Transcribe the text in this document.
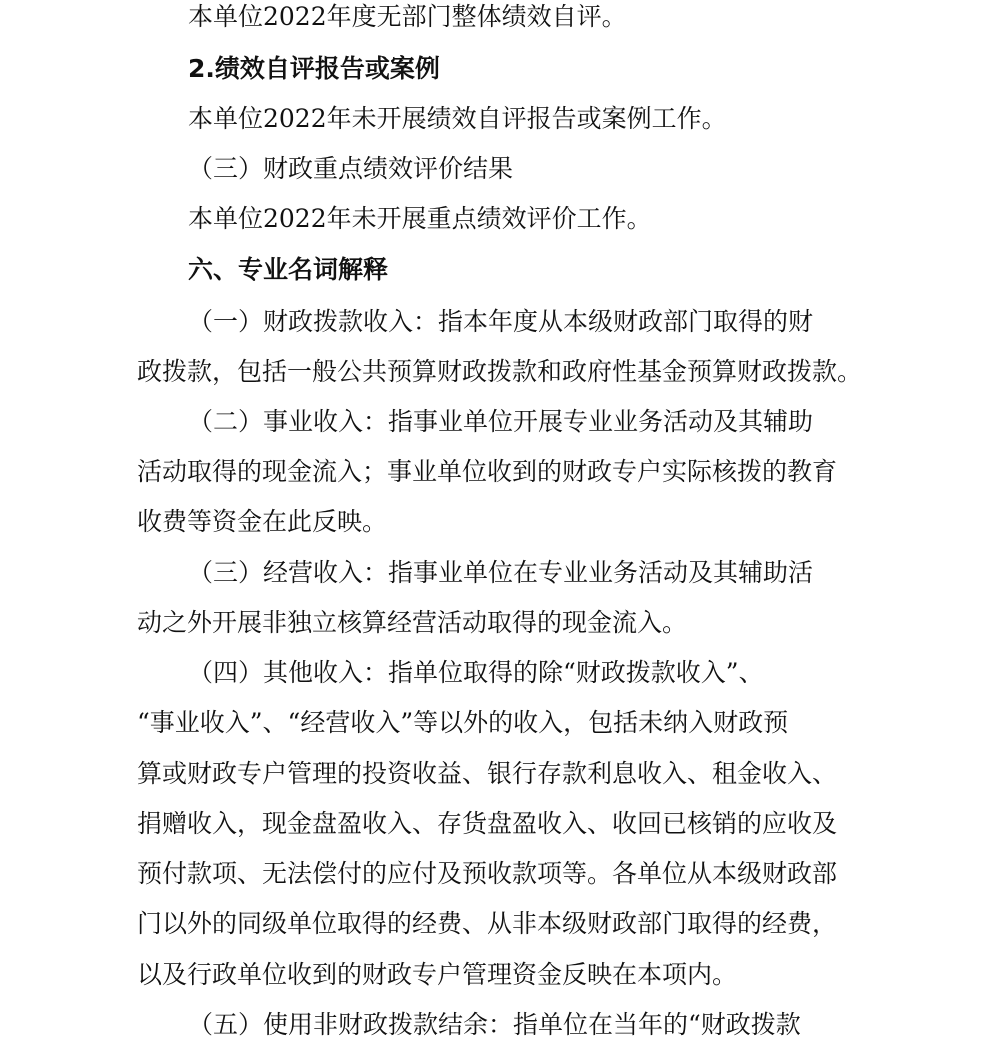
本单位2022年度无部门整体绩效自评。
2.绩效自评报告或案例
本单位2022年未开展绩效自评报告或案例工作。
（三）财政重点绩效评价结果
本单位2022年未开展重点绩效评价工作。
六、专业名词解释
（一）财政拨款收入：指本年度从本级财政部门取得的财
政拨款，包括一般公共预算财政拨款和政府性基金预算财政拨款。
（二）事业收入：指事业单位开展专业业务活动及其辅助
活动取得的现金流入；事业单位收到的财政专户实际核拨的教育
收费等资金在此反映。
（三）经营收入：指事业单位在专业业务活动及其辅助活
动之外开展非独立核算经营活动取得的现金流入。
（四）其他收入：指单位取得的除“财政拨款收入”、
“事业收入”、“经营收入”等以外的收入，包括未纳入财政预
算或财政专户管理的投资收益、银行存款利息收入、租金收入、
捐赠收入，现金盘盈收入、存货盘盈收入、收回已核销的应收及
预付款项、无法偿付的应付及预收款项等。各单位从本级财政部
门以外的同级单位取得的经费、从非本级财政部门取得的经费，
以及行政单位收到的财政专户管理资金反映在本项内。
（五）使用非财政拨款结余：指单位在当年的“财政拨款
